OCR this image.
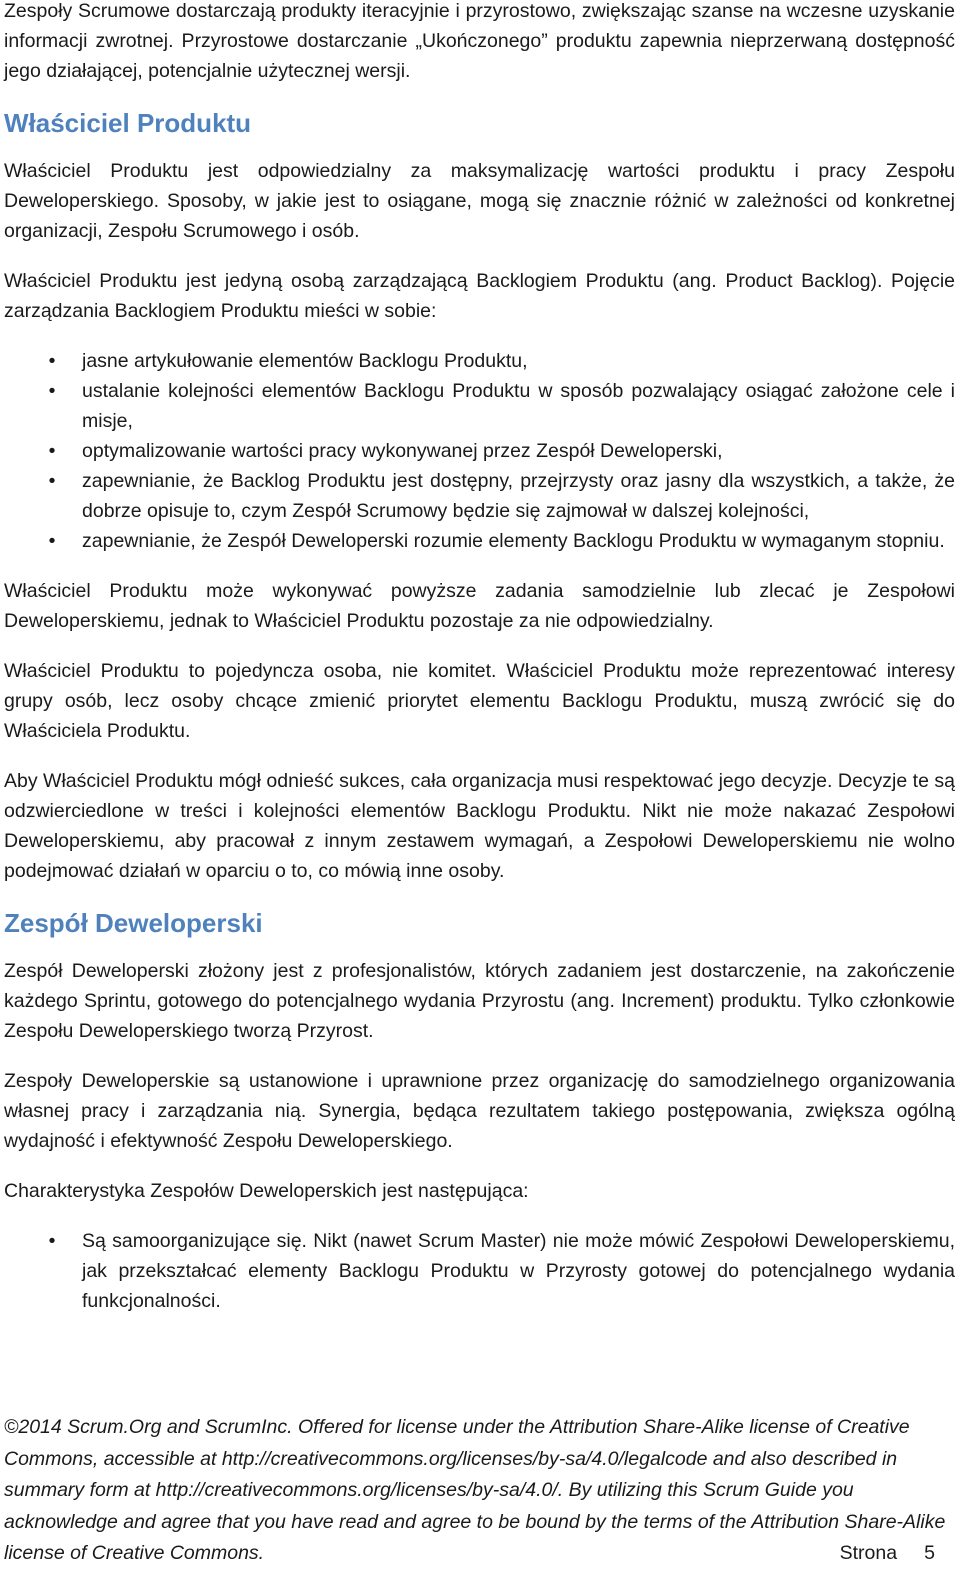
Zespoły Scrumowe dostarczają produkty iteracyjnie i przyrostowo, zwiększając szanse na wczesne uzyskanie informacji zwrotnej. Przyrostowe dostarczanie „Ukończonego” produktu zapewnia nieprzerwaną dostępność jego działającej, potencjalnie użytecznej wersji.

Właściciel Produktu

Właściciel Produktu jest odpowiedzialny za maksymalizację wartości produktu i pracy Zespołu Deweloperskiego. Sposoby, w jakie jest to osiągane, mogą się znacznie różnić w zależności od konkretnej organizacji, Zespołu Scrumowego i osób.

Właściciel Produktu jest jedyną osobą zarządzającą Backlogiem Produktu (ang. Product Backlog). Pojęcie zarządzania Backlogiem Produktu mieści w sobie:

• jasne artykułowanie elementów Backlogu Produktu,
• ustalanie kolejności elementów Backlogu Produktu w sposób pozwalający osiągać założone cele i misje,
• optymalizowanie wartości pracy wykonywanej przez Zespół Deweloperski,
• zapewnianie, że Backlog Produktu jest dostępny, przejrzysty oraz jasny dla wszystkich, a także, że dobrze opisuje to, czym Zespół Scrumowy będzie się zajmował w dalszej kolejności,
• zapewnianie, że Zespół Deweloperski rozumie elementy Backlogu Produktu w wymaganym stopniu.

Właściciel Produktu może wykonywać powyższe zadania samodzielnie lub zlecać je Zespołowi Deweloperskiemu, jednak to Właściciel Produktu pozostaje za nie odpowiedzialny.

Właściciel Produktu to pojedyncza osoba, nie komitet. Właściciel Produktu może reprezentować interesy grupy osób, lecz osoby chcące zmienić priorytet elementu Backlogu Produktu, muszą zwrócić się do Właściciela Produktu.

Aby Właściciel Produktu mógł odnieść sukces, cała organizacja musi respektować jego decyzje. Decyzje te są odzwierciedlone w treści i kolejności elementów Backlogu Produktu. Nikt nie może nakazać Zespołowi Deweloperskiemu, aby pracował z innym zestawem wymagań, a Zespołowi Deweloperskiemu nie wolno podejmować działań w oparciu o to, co mówią inne osoby.

Zespół Deweloperski

Zespół Deweloperski złożony jest z profesjonalistów, których zadaniem jest dostarczenie, na zakończenie każdego Sprintu, gotowego do potencjalnego wydania Przyrostu (ang. Increment) produktu. Tylko członkowie Zespołu Deweloperskiego tworzą Przyrost.

Zespoły Deweloperskie są ustanowione i uprawnione przez organizację do samodzielnego organizowania własnej pracy i zarządzania nią. Synergia, będąca rezultatem takiego postępowania, zwiększa ogólną wydajność i efektywność Zespołu Deweloperskiego.

Charakterystyka Zespołów Deweloperskich jest następująca:

• Są samoorganizujące się. Nikt (nawet Scrum Master) nie może mówić Zespołowi Deweloperskiemu, jak przekształcać elementy Backlogu Produktu w Przyrosty gotowej do potencjalnego wydania funkcjonalności.
©2014 Scrum.Org and ScrumInc. Offered for license under the Attribution Share-Alike license of Creative Commons, accessible at http://creativecommons.org/licenses/by-sa/4.0/legalcode and also described in summary form at http://creativecommons.org/licenses/by-sa/4.0/. By utilizing this Scrum Guide you acknowledge and agree that you have read and agree to be bound by the terms of the Attribution Share-Alike license of Creative Commons.	Strona 5
